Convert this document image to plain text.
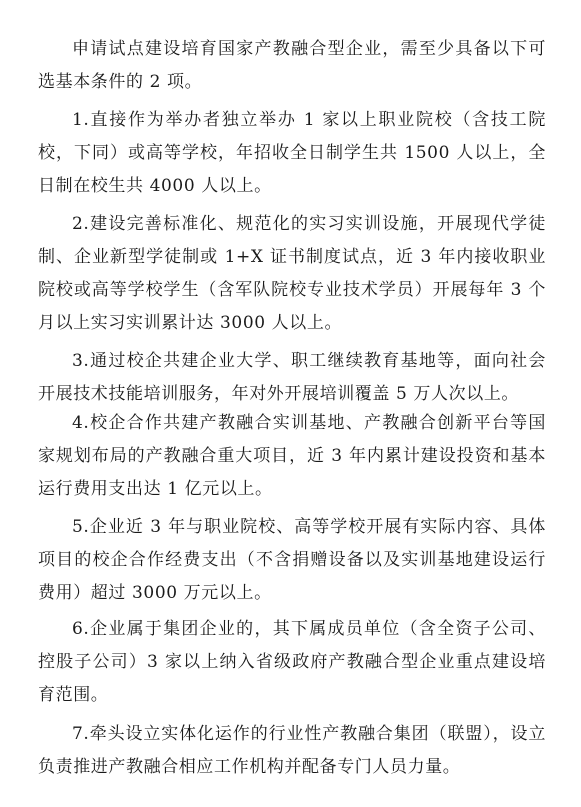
申请试点建设培育国家产教融合型企业，需至少具备以下可选基本条件的 2 项。

1.直接作为举办者独立举办 1 家以上职业院校（含技工院校，下同）或高等学校，年招收全日制学生共 1500 人以上，全日制在校生共 4000 人以上。

2.建设完善标准化、规范化的实习实训设施，开展现代学徒制、企业新型学徒制或 1+X 证书制度试点，近 3 年内接收职业院校或高等学校学生（含军队院校专业技术学员）开展每年 3 个月以上实习实训累计达 3000 人以上。

3.通过校企共建企业大学、职工继续教育基地等，面向社会开展技术技能培训服务，年对外开展培训覆盖 5 万人次以上。

4.校企合作共建产教融合实训基地、产教融合创新平台等国家规划布局的产教融合重大项目，近 3 年内累计建设投资和基本运行费用支出达 1 亿元以上。

5.企业近 3 年与职业院校、高等学校开展有实际内容、具体项目的校企合作经费支出（不含捐赠设备以及实训基地建设运行费用）超过 3000 万元以上。

6.企业属于集团企业的，其下属成员单位（含全资子公司、控股子公司）3 家以上纳入省级政府产教融合型企业重点建设培育范围。

7.牵头设立实体化运作的行业性产教融合集团（联盟），设立负责推进产教融合相应工作机构并配备专门人员力量。
